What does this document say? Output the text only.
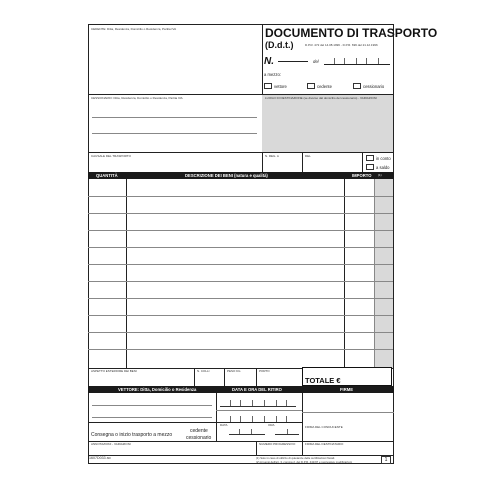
CEDENTE: Ditta, Residenza, Domicilio o Residenza, Partita IVA	DOCUMENTO DI TRASPORTO
(D.d.t.)	D.P.R. 472 del 14.08.1996 - D.P.R. 696 del 21.12.1996
N.	del
a mezzo:
vettore	cedente	cessionario
CESSIONARIO: Ditta, Residenza, Domicilio o Residenza, Partita IVA	LUOGO DI DESTINAZIONE (se diverso dal domicilio del cessionario) - VARIAZIONI
CAUSALE DEL TRASPORTO	N. REG. A	DEL	in conto
a saldo
QUANTITÀ	DESCRIZIONE DEI BENI (natura e qualità)	IMPORTO (1)
ASPETTO ESTERIORE DEI BENI	N. COLLI	PESO KG	PORTO
TOTALE €
VETTORE: Ditta, Domicilio o Residenza	DATA E ORA DEL RITIRO	FIRME
DATA	ORA	FIRMA DEL CONDUCENTE
Consegna o inizio trasporto a mezzo
cedente
cessionario
ANNOTAZIONI - VARIAZIONI	NUMERO PROGRESSIVO	FIRMA DEL DESTINATARIO
1607D033 ao	(1) Solo in caso di utilizzo di quietanze delle certificazioni fiscali.
(2) Ai sensi dell'art. 3, comma 2, del D.P.R. 441/97 e successive modificazioni	1
